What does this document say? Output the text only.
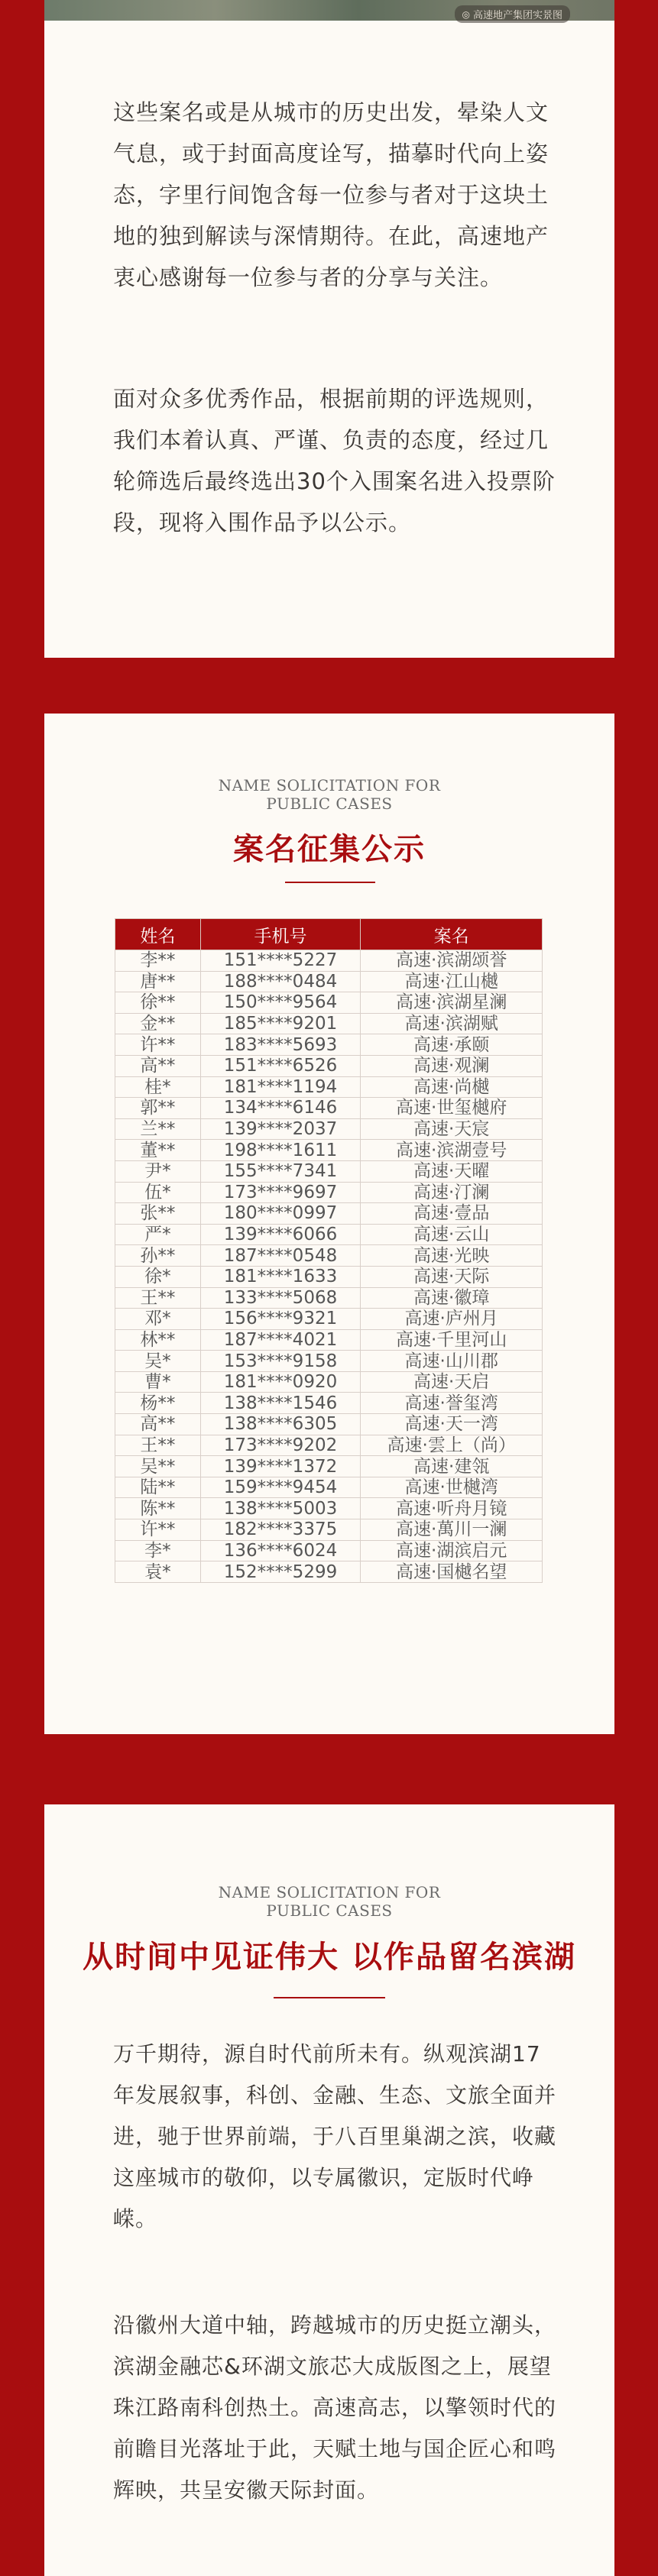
◎ 高速地产集团实景图

这些案名或是从城市的历史出发，晕染人文气息，或于封面高度诠写，描摹时代向上姿态，字里行间饱含每一位参与者对于这块土地的独到解读与深情期待。在此，高速地产衷心感谢每一位参与者的分享与关注。

面对众多优秀作品，根据前期的评选规则，我们本着认真、严谨、负责的态度，经过几轮筛选后最终选出30个入围案名进入投票阶段，现将入围作品予以公示。

NAME SOLICITATION FOR
PUBLIC CASES
案名征集公示
姓名	手机号	案名
李**	151****5227	高速·滨湖颂誉
唐**	188****0484	高速·江山樾
徐**	150****9564	高速·滨湖星澜
金**	185****9201	高速·滨湖赋
许**	183****5693	高速·承颐
高**	151****6526	高速·观澜
桂*	181****1194	高速·尚樾
郭**	134****6146	高速·世玺樾府
兰**	139****2037	高速·天宸
董**	198****1611	高速·滨湖壹号
尹*	155****7341	高速·天曜
伍*	173****9697	高速·汀澜
张**	180****0997	高速·壹品
严*	139****6066	高速·云山
孙**	187****0548	高速·光映
徐*	181****1633	高速·天际
王**	133****5068	高速·徽璋
邓*	156****9321	高速·庐州月
林**	187****4021	高速·千里河山
吴*	153****9158	高速·山川郡
曹*	181****0920	高速·天启
杨**	138****1546	高速·誉玺湾
高**	138****6305	高速·天一湾
王**	173****9202	高速·雲上（尚）
吴**	139****1372	高速·建瓴
陆**	159****9454	高速·世樾湾
陈**	138****5003	高速·听舟月镜
许**	182****3375	高速·萬川一澜
李*	136****6024	高速·湖滨启元
袁*	152****5299	高速·国樾名望
NAME SOLICITATION FOR
PUBLIC CASES
从时间中见证伟大 以作品留名滨湖

万千期待，源自时代前所未有。纵观滨湖17年发展叙事，科创、金融、生态、文旅全面并进，驰于世界前端，于八百里巢湖之滨，收藏这座城市的敬仰，以专属徽识，定版时代峥嵘。

沿徽州大道中轴，跨越城市的历史挺立潮头，滨湖金融芯&环湖文旅芯大成版图之上，展望珠江路南科创热土。高速高志，以擎领时代的前瞻目光落址于此，天赋土地与国企匠心和鸣辉映，共呈安徽天际封面。
